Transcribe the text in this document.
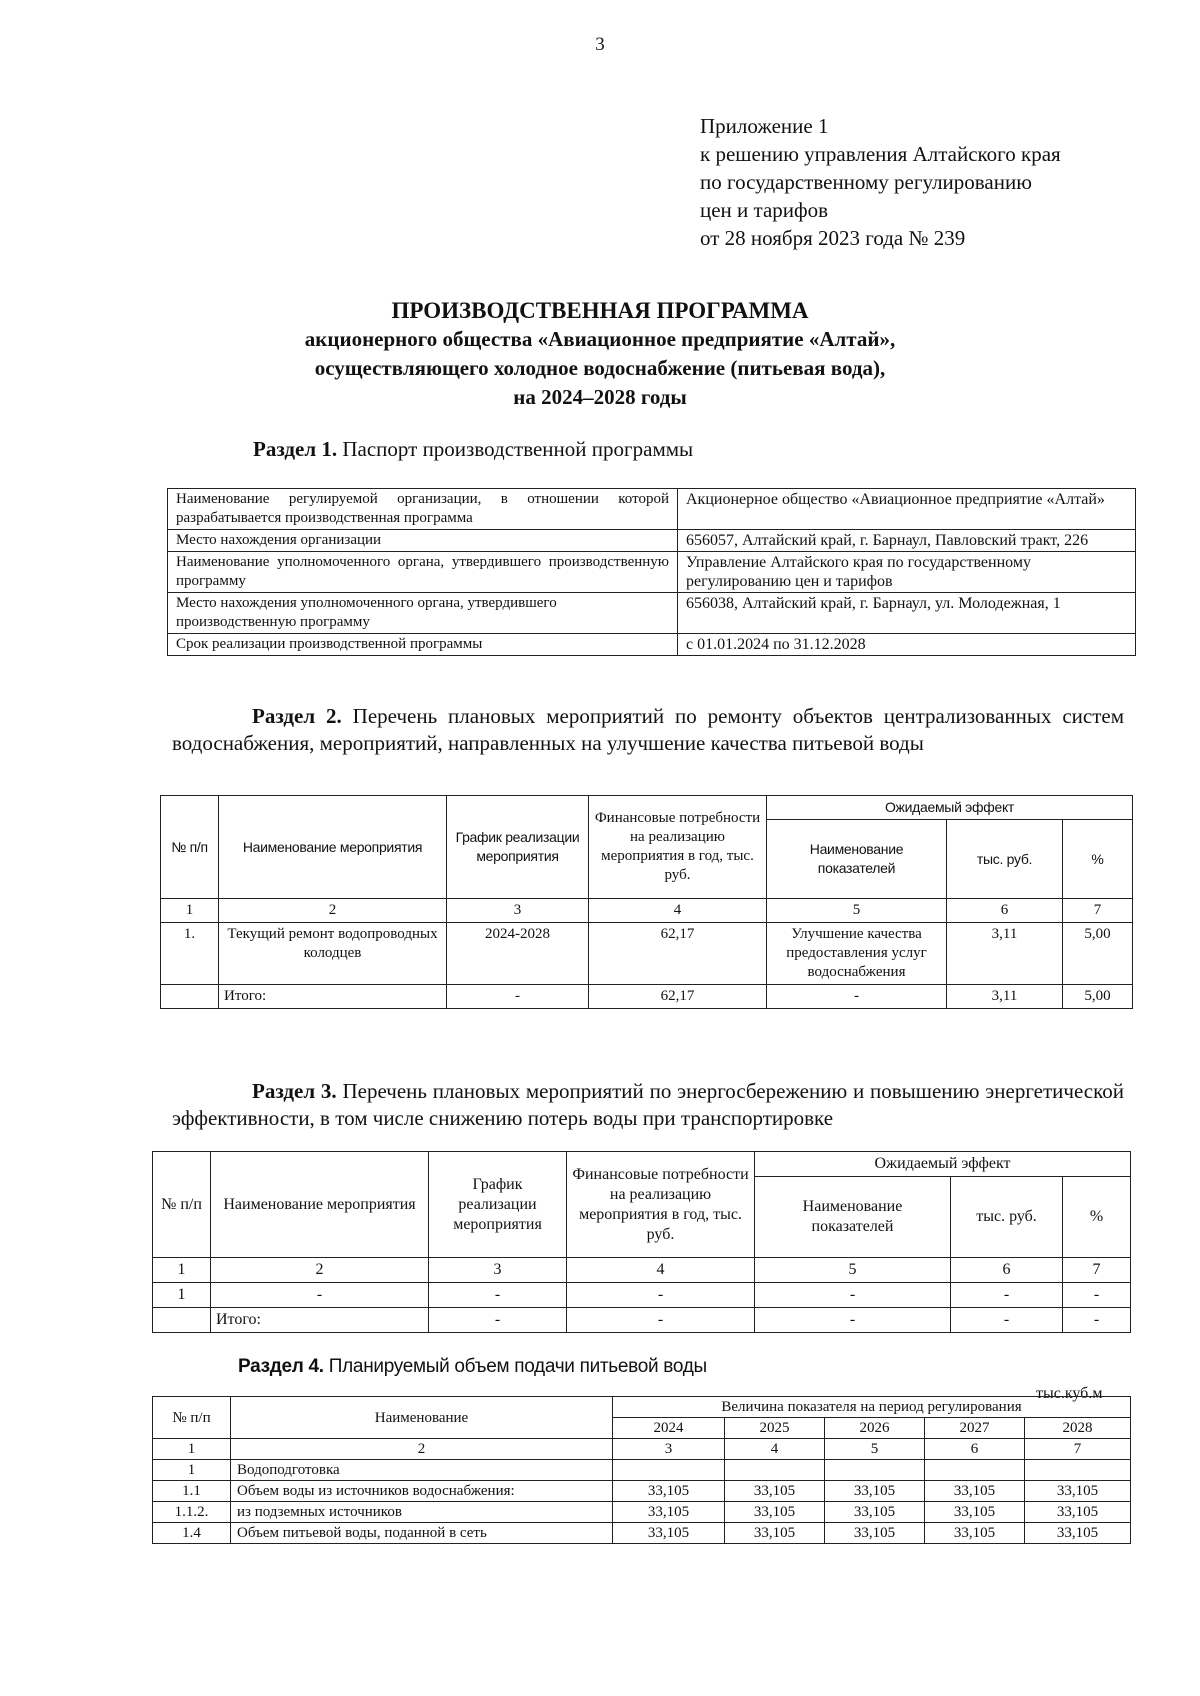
3
Приложение 1
к решению управления Алтайского края
по государственному регулированию
цен и тарифов
от 28 ноября 2023 года № 239
ПРОИЗВОДСТВЕННАЯ ПРОГРАММА
акционерного общества «Авиационное предприятие «Алтай»,
осуществляющего холодное водоснабжение (питьевая вода),
на 2024–2028 годы
Раздел 1. Паспорт производственной программы
Наименование регулируемой организации, в отношении которой разрабатывается производственная программа	Акционерное общество «Авиационное предприятие «Алтай»
Место нахождения организации	656057, Алтайский край, г. Барнаул, Павловский тракт, 226
Наименование уполномоченного органа, утвердившего производственную программу	Управление Алтайского края по государственному регулированию цен и тарифов
Место нахождения уполномоченного органа, утвердившего производственную программу	656038, Алтайский край, г. Барнаул, ул. Молодежная, 1
Срок реализации производственной программы	с 01.01.2024 по 31.12.2028
Раздел 2. Перечень плановых мероприятий по ремонту объектов централизованных систем водоснабжения, мероприятий, направленных на улучшение качества питьевой воды
№ п/п	Наименование мероприятия	График реализации мероприятия	Финансовые потребности на реализацию мероприятия в год, тыс. руб.	Ожидаемый эффект		
				Наименование показателей	тыс. руб.	%
1	2	3	4	5	6	7
1.	Текущий ремонт водопроводных колодцев	2024-2028	62,17	Улучшение качества предоставления услуг водоснабжения	3,11	5,00
	Итого:	-	62,17	-	3,11	5,00
Раздел 3. Перечень плановых мероприятий по энергосбережению и повышению энергетической эффективности, в том числе снижению потерь воды при транспортировке
№ п/п	Наименование мероприятия	График реализации мероприятия	Финансовые потребности на реализацию мероприятия в год, тыс. руб.	Ожидаемый эффект		
				Наименование показателей	тыс. руб.	%
1	2	3	4	5	6	7
1	-	-	-	-	-	-
	Итого:	-	-	-	-	-
Раздел 4. Планируемый объем подачи питьевой воды
тыс.куб.м
№ п/п	Наименование	Величина показателя на период регулирования				
		2024	2025	2026	2027	2028
1	2	3	4	5	6	7
1	Водоподготовка					
1.1	Объем воды из источников водоснабжения:	33,105	33,105	33,105	33,105	33,105
1.1.2.	из подземных источников	33,105	33,105	33,105	33,105	33,105
1.4	Объем питьевой воды, поданной в сеть	33,105	33,105	33,105	33,105	33,105
